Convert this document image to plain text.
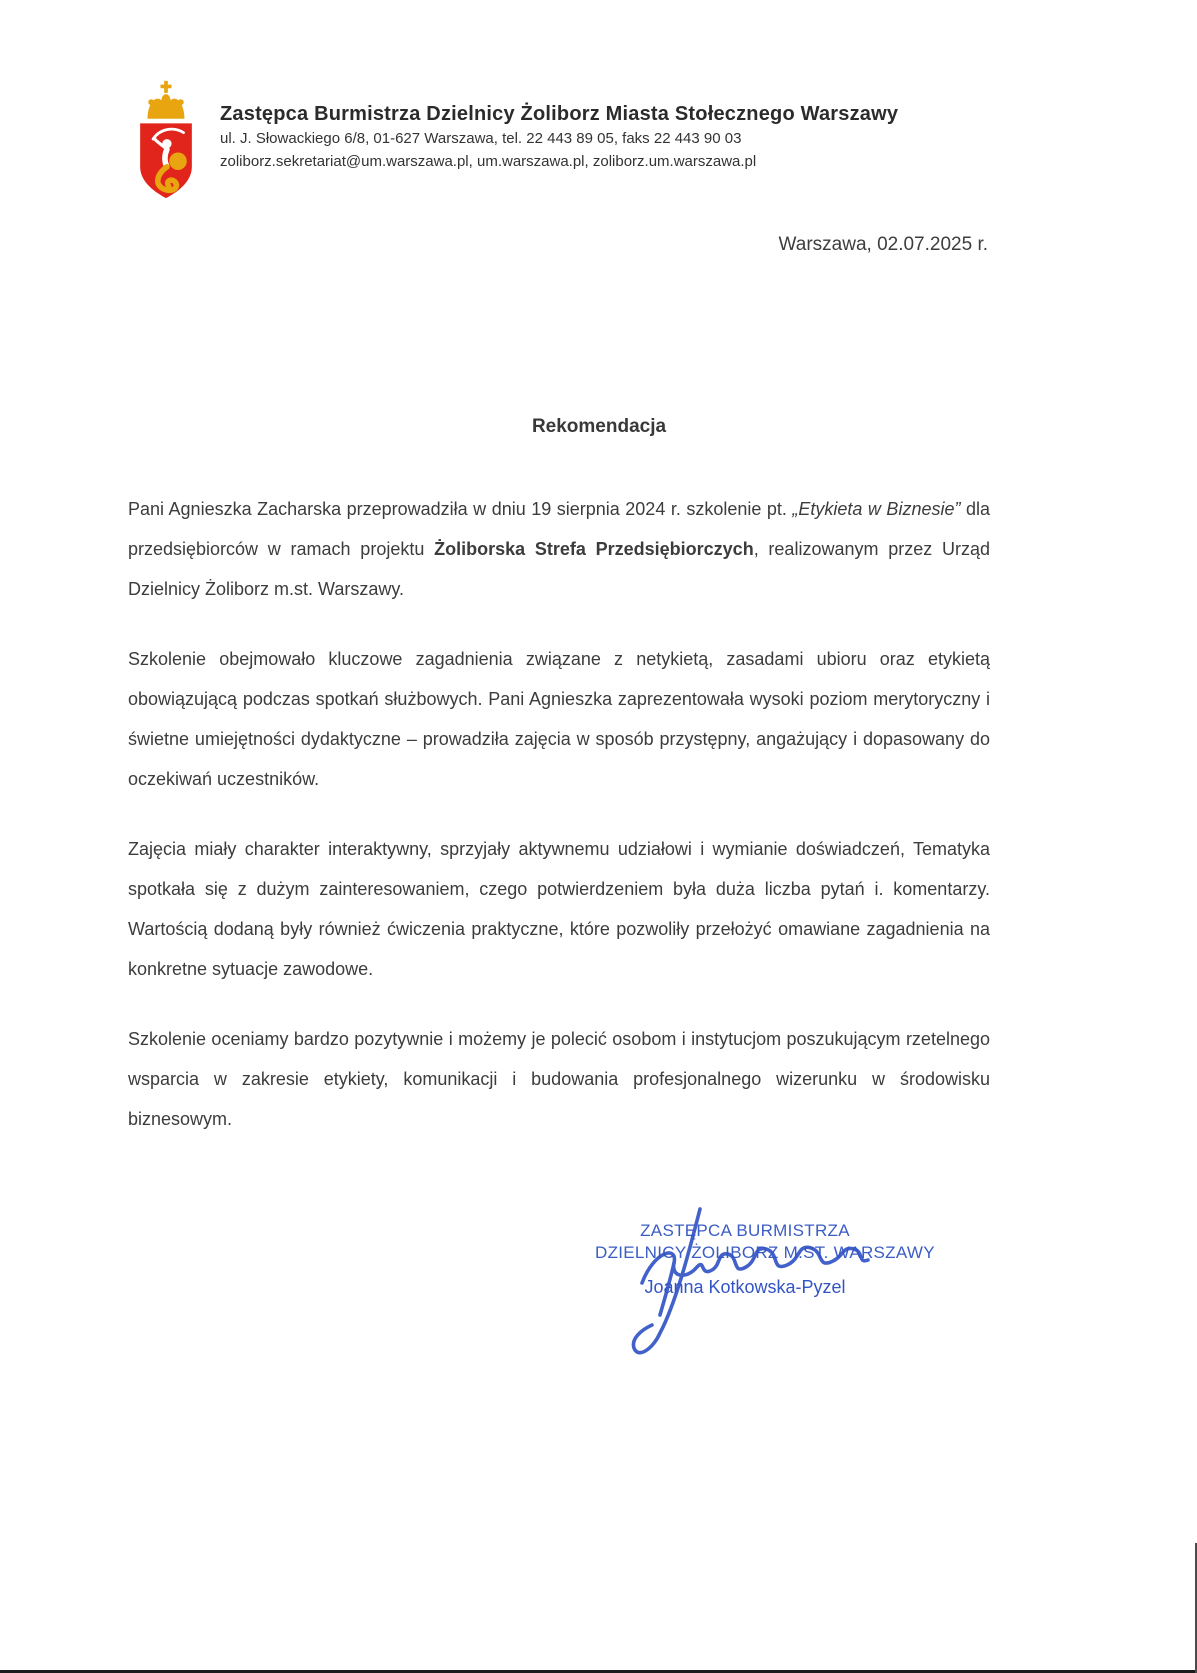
Zastępca Burmistrza Dzielnicy Żoliborz Miasta Stołecznego Warszawy
ul. J. Słowackiego 6/8, 01-627 Warszawa, tel. 22 443 89 05, faks 22 443 90 03
zoliborz.sekretariat@um.warszawa.pl, um.warszawa.pl, zoliborz.um.warszawa.pl
Warszawa, 02.07.2025 r.
Rekomendacja

Pani Agnieszka Zacharska przeprowadziła w dniu 19 sierpnia 2024 r. szkolenie pt. „Etykieta w Biznesie” dla przedsiębiorców w ramach projektu Żoliborska Strefa Przedsiębiorczych, realizowanym przez Urząd Dzielnicy Żoliborz m.st. Warszawy.

Szkolenie obejmowało kluczowe zagadnienia związane z netykietą, zasadami ubioru oraz etykietą obowiązującą podczas spotkań służbowych. Pani Agnieszka zaprezentowała wysoki poziom merytoryczny i świetne umiejętności dydaktyczne – prowadziła zajęcia w sposób przystępny, angażujący i dopasowany do oczekiwań uczestników.

Zajęcia miały charakter interaktywny, sprzyjały aktywnemu udziałowi i wymianie doświadczeń, Tematyka spotkała się z dużym zainteresowaniem, czego potwierdzeniem była duża liczba pytań i. komentarzy. Wartością dodaną były również ćwiczenia praktyczne, które pozwoliły przełożyć omawiane zagadnienia na konkretne sytuacje zawodowe.

Szkolenie oceniamy bardzo pozytywnie i możemy je polecić osobom i instytucjom poszukującym rzetelnego wsparcia w zakresie etykiety, komunikacji i budowania profesjonalnego wizerunku w środowisku biznesowym.

ZASTĘPCA BURMISTRZA
DZIELNICY ŻOLIBORZ M.ST. WARSZAWY
Joanna Kotkowska-Pyzel
